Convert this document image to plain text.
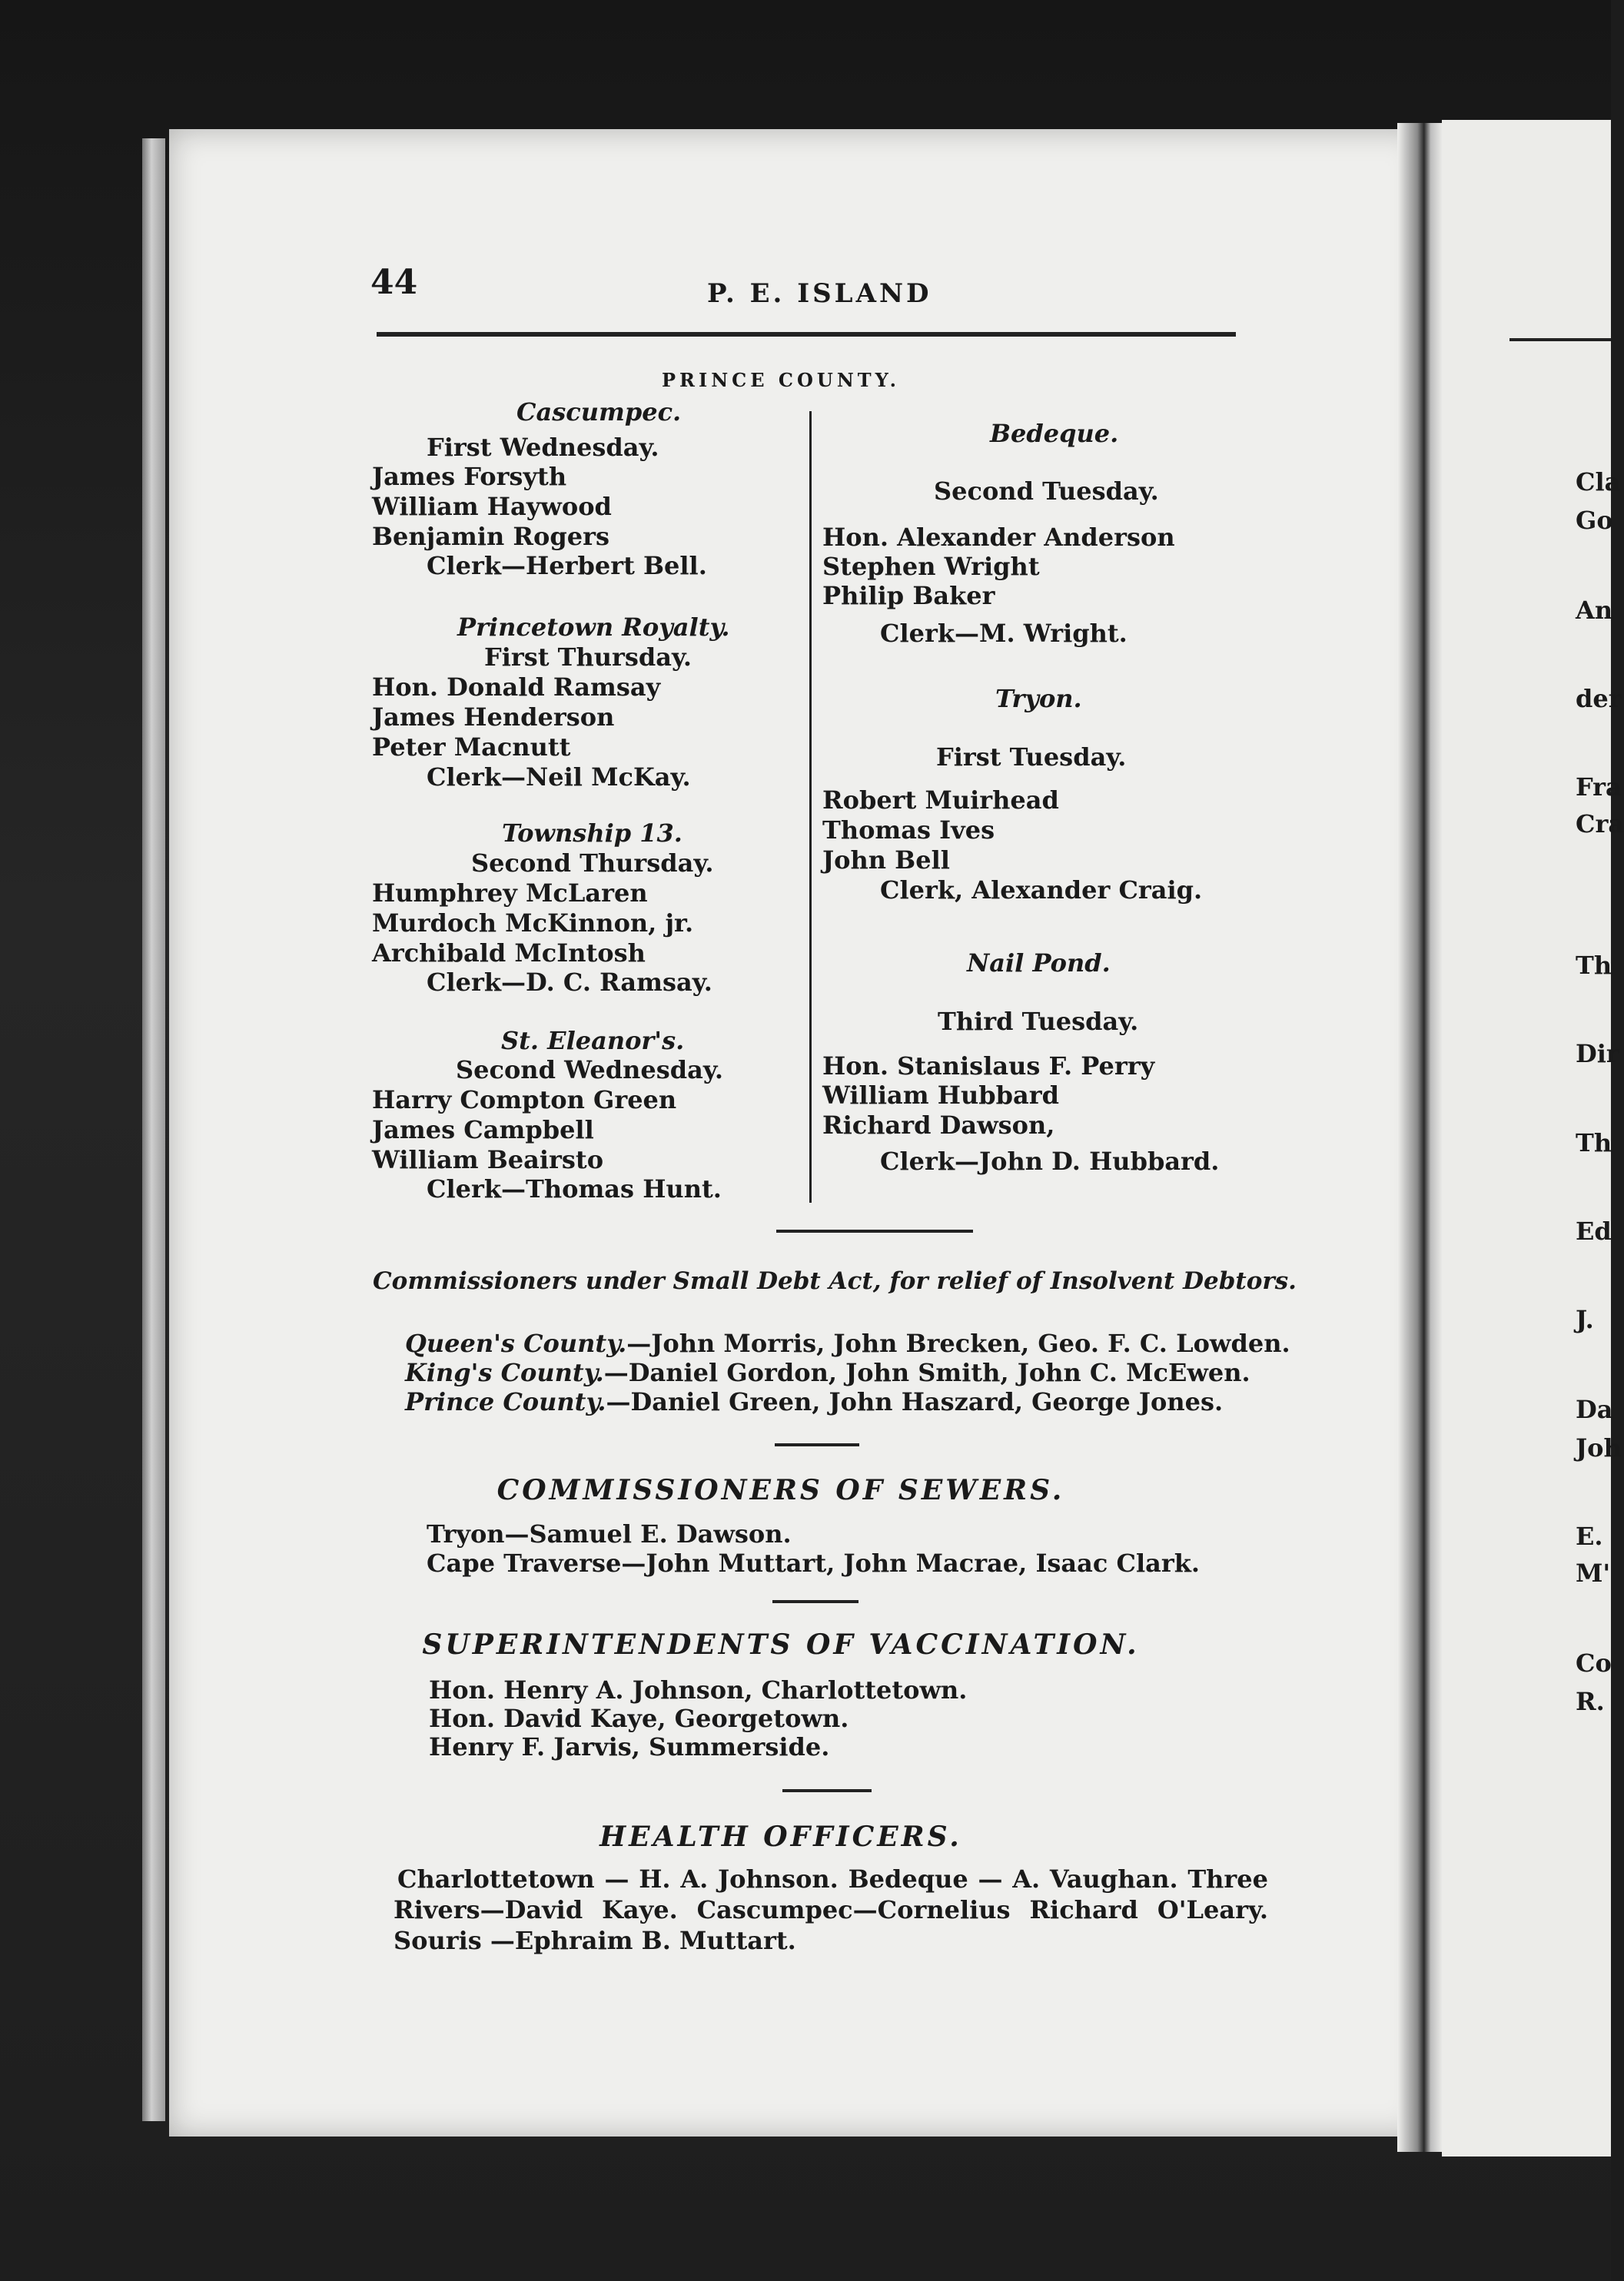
Cla
Go
An
der
Fra
Cra
Th
Dir
Th
Ed
J.
Da
Joh
E.
M'
Co
R.
44	P. E. ISLAND
PRINCE COUNTY.
Cascumpec.
First Wednesday.
James Forsyth
William Haywood
Benjamin Rogers
Clerk—Herbert Bell.
Princetown Royalty.
First Thursday.
Hon. Donald Ramsay
James Henderson
Peter Macnutt
Clerk—Neil McKay.
Township 13.
Second Thursday.
Humphrey McLaren
Murdoch McKinnon, jr.
Archibald McIntosh
Clerk—D. C. Ramsay.
St. Eleanor's.
Second Wednesday.
Harry Compton Green
James Campbell
William Beairsto
Clerk—Thomas Hunt.
Bedeque.
Second Tuesday.
Hon. Alexander Anderson
Stephen Wright
Philip Baker
Clerk—M. Wright.
Tryon.
First Tuesday.
Robert Muirhead
Thomas Ives
John Bell
Clerk, Alexander Craig.
Nail Pond.
Third Tuesday.
Hon. Stanislaus F. Perry
William Hubbard
Richard Dawson,
Clerk—John D. Hubbard.
Commissioners under Small Debt Act, for relief of Insolvent Debtors.
Queen's County.—John Morris, John Brecken, Geo. F. C. Lowden.
King's County.—Daniel Gordon, John Smith, John C. McEwen.
Prince County.—Daniel Green, John Haszard, George Jones.
COMMISSIONERS OF SEWERS.
Tryon—Samuel E. Dawson.
Cape Traverse—John Muttart, John Macrae, Isaac Clark.
SUPERINTENDENTS OF VACCINATION.
Hon. Henry A. Johnson, Charlottetown.
Hon. David Kaye, Georgetown.
Henry F. Jarvis, Summerside.
HEALTH OFFICERS.
Charlottetown — H. A. Johnson. Bedeque — A. Vaughan. Three Rivers—David Kaye. Cascumpec—Cornelius Richard O'Leary. Souris —Ephraim B. Muttart.
